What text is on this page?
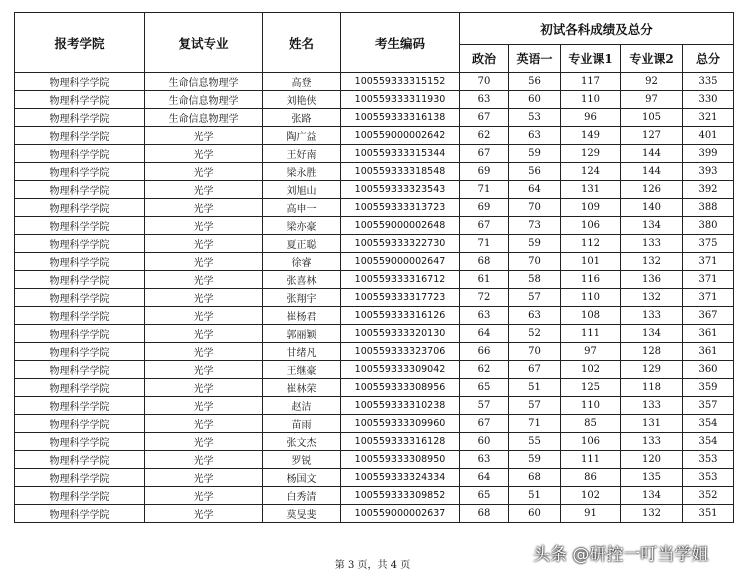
报考学院	复试专业	姓名	考生编码	初试各科成绩及总分				
				政治	英语一	专业课1	专业课2	总分
物理科学学院	生命信息物理学	高登	100559333315152	70	56	117	92	335
物理科学学院	生命信息物理学	刘艳侠	100559333311930	63	60	110	97	330
物理科学学院	生命信息物理学	张路	100559333316138	67	53	96	105	321
物理科学学院	光学	陶广益	100559000002642	62	63	149	127	401
物理科学学院	光学	王好南	100559333315344	67	59	129	144	399
物理科学学院	光学	梁永胜	100559333318548	69	56	124	144	393
物理科学学院	光学	刘旭山	100559333323543	71	64	131	126	392
物理科学学院	光学	高申一	100559333313723	69	70	109	140	388
物理科学学院	光学	梁亦豪	100559000002648	67	73	106	134	380
物理科学学院	光学	夏正聪	100559333322730	71	59	112	133	375
物理科学学院	光学	徐睿	100559000002647	68	70	101	132	371
物理科学学院	光学	张喜林	100559333316712	61	58	116	136	371
物理科学学院	光学	张翔宇	100559333317723	72	57	110	132	371
物理科学学院	光学	崔杨君	100559333316126	63	63	108	133	367
物理科学学院	光学	郭丽颖	100559333320130	64	52	111	134	361
物理科学学院	光学	甘绪凡	100559333323706	66	70	97	128	361
物理科学学院	光学	王继豪	100559333309042	62	67	102	129	360
物理科学学院	光学	崔林荣	100559333308956	65	51	125	118	359
物理科学学院	光学	赵洁	100559333310238	57	57	110	133	357
物理科学学院	光学	苗雨	100559333309960	67	71	85	131	354
物理科学学院	光学	张文杰	100559333316128	60	55	106	133	354
物理科学学院	光学	罗锐	100559333308950	63	59	111	120	353
物理科学学院	光学	杨国文	100559333324334	64	68	86	135	353
物理科学学院	光学	白秀清	100559333309852	65	51	102	134	352
物理科学学院	光学	莫旻斐	100559000002637	68	60	91	132	351
第 3 页，共 4 页
头条 @研控一叮当学姐
